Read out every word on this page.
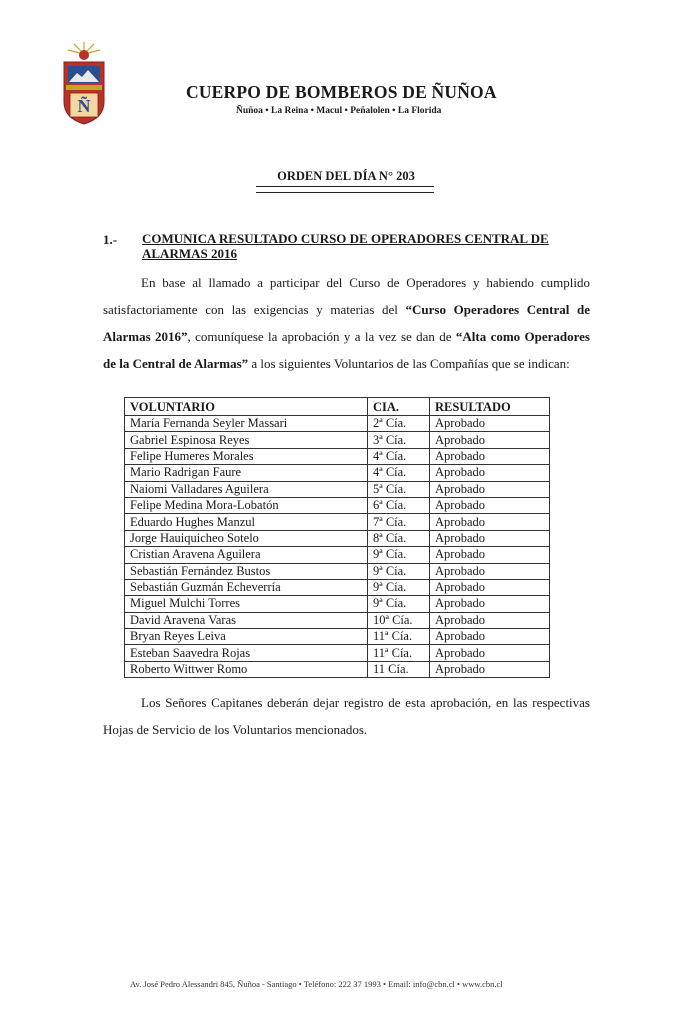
Ñ
CUERPO DE BOMBEROS DE ÑUÑOA
Ñuñoa • La Reina • Macul • Peñalolen • La Florida
ORDEN DEL DÍA N° 203
1.- COMUNICA RESULTADO CURSO DE OPERADORES CENTRAL DE ALARMAS 2016
En base al llamado a participar del Curso de Operadores y habiendo cumplido satisfactoriamente con las exigencias y materias del “Curso Operadores Central de Alarmas 2016”, comuníquese la aprobación y a la vez se dan de “Alta como Operadores de la Central de Alarmas” a los siguientes Voluntarios de las Compañías que se indican:
VOLUNTARIO	CIA.	RESULTADO
María Fernanda Seyler Massari	2ª Cía.	Aprobado
Gabriel Espinosa Reyes	3ª Cía.	Aprobado
Felipe Humeres Morales	4ª Cía.	Aprobado
Mario Radrigan Faure	4ª Cía.	Aprobado
Naiomi Valladares Aguilera	5ª Cía.	Aprobado
Felipe Medina Mora-Lobatón	6ª Cía.	Aprobado
Eduardo Hughes Manzul	7ª Cía.	Aprobado
Jorge Hauiquicheo Sotelo	8ª Cía.	Aprobado
Cristian Aravena Aguilera	9ª Cía.	Aprobado
Sebastián Fernández Bustos	9ª Cía.	Aprobado
Sebastián Guzmán Echeverría	9ª Cía.	Aprobado
Miguel Mulchi Torres	9ª Cía.	Aprobado
David Aravena Varas	10ª Cía.	Aprobado
Bryan Reyes Leiva	11ª Cía.	Aprobado
Esteban Saavedra Rojas	11ª Cía.	Aprobado
Roberto Wittwer Romo	11 Cía.	Aprobado
Los Señores Capitanes deberán dejar registro de esta aprobación, en las respectivas Hojas de Servicio de los Voluntarios mencionados.
Av. José Pedro Alessandri 845, Ñuñoa - Santiago • Teléfono: 222 37 1993 • Email: info@cbn.cl • www.cbn.cl
